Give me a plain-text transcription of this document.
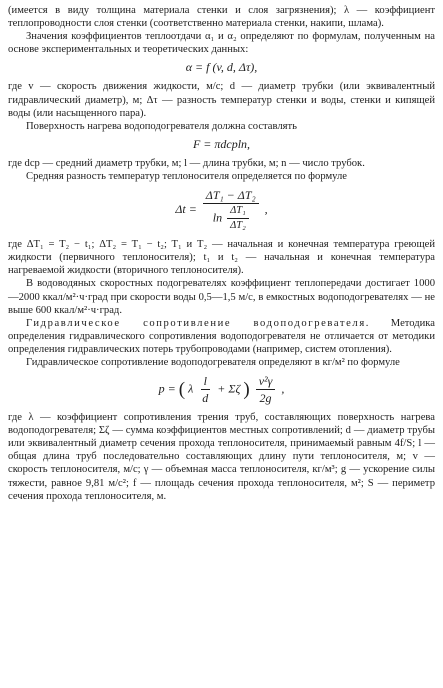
(имеется в виду толщина материала стенки и слоя загрязнения); λ — коэффициент теплопроводности слоя стенки (соответственно материала стенки, накипи, шлама).

Значения коэффициентов теплоотдачи α₁ и α₂ определяют по формулам, полученным на основе экспериментальных и теоретических данных:

α = f (v, d, Δτ),

где v — скорость движения жидкости, м/с; d — диаметр трубки (или эквивалентный гидравлический диаметр), м; Δτ — разность температур стенки и воды, стенки и кипящей воды (или насыщенного пара).

Поверхность нагрева водоподогревателя должна составлять

F = πdсрln,

где dср — средний диаметр трубки, м; l — длина трубки, м; n — число трубок.

Средняя разность температур теплоносителя определяется по формуле

$\Delta t = \frac{\text{ΔT₁ − ΔT₂}}{\ln \frac{\text{ΔT₁}}{\text{ΔT₂}}}$ ,

где ΔT₁ = T₂ − t₁; ΔT₂ = T₁ − t₂; T₁ и T₂ — начальная и конечная температура греющей жидкости (первичного теплоносителя); t₁ и t₂ — начальная и конечная температура нагреваемой жидкости (вторичного теплоносителя).

В водоводяных скоростных подогревателях коэффициент теплопередачи достигает 1000—2000 ккал/м²·ч·град при скорости воды 0,5—1,5 м/с, в емкостных водоподогревателях — не выше 600 ккал/м²·ч·град.

Гидравлическое сопротивление водоподогревателя. Методика определения гидравлического сопротивления водоподогревателя не отличается от методики определения гидравлических потерь трубопроводами (например, систем отопления).

Гидравлическое сопротивление водоподогревателя определяют в кг/м² по формуле

p = ( λ $\frac{l}{d} + \Sigma\zeta$ ) $\frac{\text{v²γ}}{2g}$ ,

где λ — коэффициент сопротивления трения труб, составляющих поверхность нагрева водоподогревателя; Σζ — сумма коэффициентов местных сопротивлений; d — диаметр трубы или эквивалентный диаметр сечения прохода теплоносителя, принимаемый равным 4f/S; l — общая длина труб последовательно составляющих длину пути теплоносителя, м; v — скорость теплоносителя, м/с; γ — объемная масса теплоносителя, кг/м³; g — ускорение силы тяжести, равное 9,81 м/с²; f — площадь сечения прохода теплоносителя, м²; S — периметр сечения прохода теплоносителя, м.
